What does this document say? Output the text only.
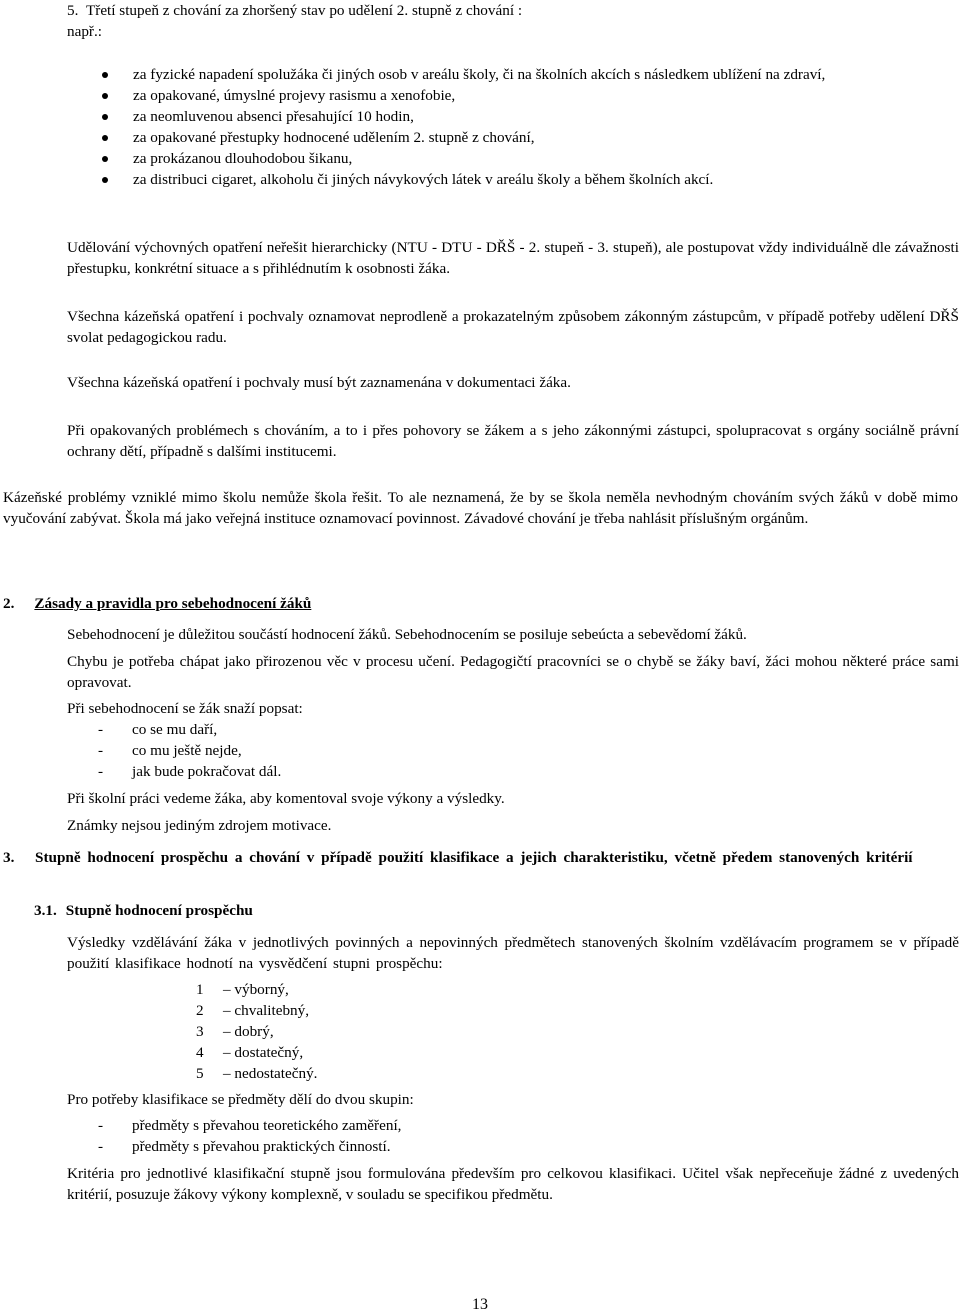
5.  Třetí stupeň z chování za zhoršený stav po udělení 2. stupně z chování :

např.:

za fyzické napadení spolužáka či jiných osob v areálu školy, či na školních akcích s následkem ublížení na zdraví,
za opakované, úmyslné projevy rasismu a xenofobie,
za neomluvenou absenci přesahující 10 hodin,
za opakované přestupky hodnocené udělením 2. stupně z chování,
za prokázanou dlouhodobou šikanu,
za distribuci cigaret, alkoholu či jiných návykových látek v areálu školy a během školních akcí.

Udělování výchovných opatření neřešit hierarchicky (NTU - DTU - DŘŠ - 2. stupeň - 3. stupeň), ale postupovat vždy individuálně dle závažnosti přestupku, konkrétní situace a s přihlédnutím k osobnosti žáka.

Všechna kázeňská opatření i pochvaly oznamovat neprodleně a prokazatelným způsobem zákonným zástupcům, v případě potřeby udělení DŘŠ svolat pedagogickou radu.

Všechna kázeňská opatření i pochvaly musí být zaznamenána v dokumentaci žáka.

Při opakovaných problémech s chováním, a to i přes pohovory se žákem a s jeho zákonnými zástupci, spolupracovat s orgány sociálně právní ochrany dětí, případně s dalšími institucemi.

Kázeňské problémy vzniklé mimo školu nemůže škola řešit. To ale neznamená, že by se škola neměla nevhodným chováním svých žáků v době mimo vyučování zabývat. Škola má jako veřejná instituce oznamovací povinnost. Závadové chování je třeba nahlásit příslušným orgánům.

2. Zásady a pravidla pro sebehodnocení žáků

Sebehodnocení je důležitou součástí hodnocení žáků. Sebehodnocením se posiluje sebeúcta a sebevědomí žáků.

Chybu je potřeba chápat jako přirozenou věc v procesu učení. Pedagogičtí pracovníci se o chybě se žáky baví, žáci mohou některé práce sami opravovat.

Při sebehodnocení se žák snaží popsat:

- co se mu daří,
- co mu ještě nejde,
- jak bude pokračovat dál.

Při školní práci vedeme žáka, aby komentoval svoje výkony a výsledky.

Známky nejsou jediným zdrojem motivace.

3. Stupně hodnocení prospěchu a chování v případě použití klasifikace a jejich charakteristiku, včetně předem stanovených kritérií
3.1. Stupně hodnocení prospěchu

Výsledky vzdělávání žáka v jednotlivých povinných a nepovinných předmětech stanovených školním vzdělávacím programem se v případě použití klasifikace hodnotí na vysvědčení stupni prospěchu:

1 – výborný,
2 – chvalitebný,
3 – dobrý,
4 – dostatečný,
5 – nedostatečný.

Pro potřeby klasifikace se předměty dělí do dvou skupin:

- předměty s převahou teoretického zaměření,
- předměty s převahou praktických činností.

Kritéria pro jednotlivé klasifikační stupně jsou formulována především pro celkovou klasifikaci. Učitel však nepřeceňuje žádné z uvedených kritérií, posuzuje žákovy výkony komplexně, v souladu se specifikou předmětu.

13
